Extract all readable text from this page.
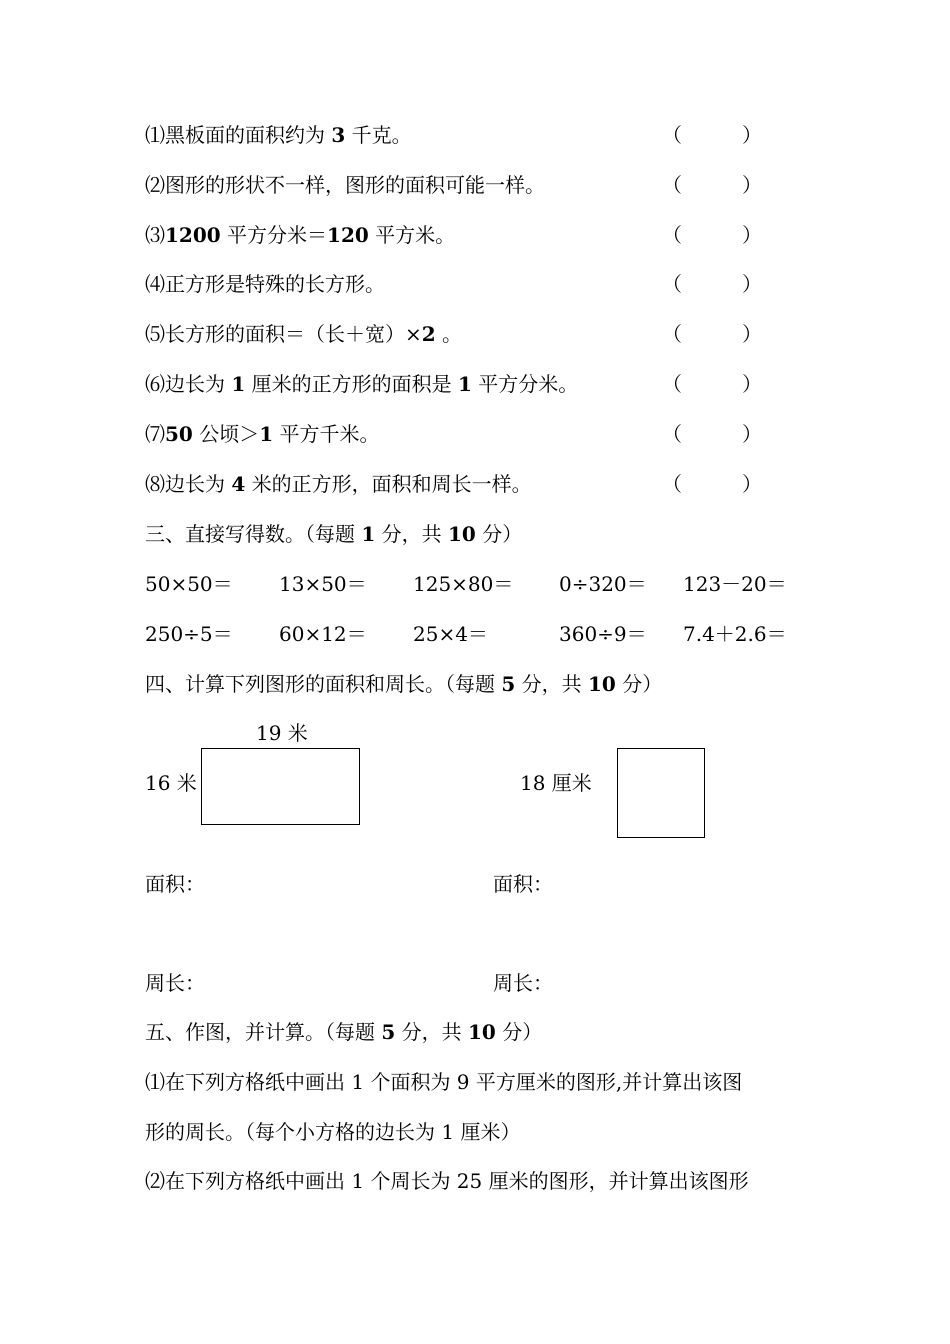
⑴黑板面的面积约为 3 千克。	（	）
⑵图形的形状不一样，图形的面积可能一样。	（	）
⑶1200 平方分米＝120 平方米。	（	）
⑷正方形是特殊的长方形。	（	）
⑸长方形的面积＝（长＋宽）×2 。	（	）
⑹边长为 1 厘米的正方形的面积是 1 平方分米。	（	）
⑺50 公顷＞1 平方千米。	（	）
⑻边长为 4 米的正方形，面积和周长一样。	（	）
三、直接写得数。（每题 1 分，共 10 分）
50×50＝ 13×50＝ 125×80＝ 0÷320＝ 123－20＝
250÷5＝ 60×12＝ 25×4＝	360÷9＝ 7.4＋2.6＝
四、计算下列图形的面积和周长。（每题 5 分，共 10 分）
19 米
16 米	18 厘米
面积：	面积：
周长：	周长：
五、作图，并计算。（每题 5 分，共 10 分）
⑴在下列方格纸中画出 1 个面积为 9 平方厘米的图形,并计算出该图
形的周长。（每个小方格的边长为 1 厘米）
⑵在下列方格纸中画出 1 个周长为 25 厘米的图形，并计算出该图形
